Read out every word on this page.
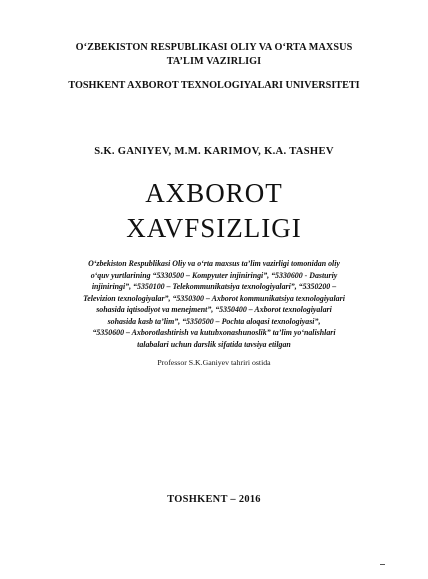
O‘ZBEKISTON RESPUBLIKASI OLIY VA O‘RTA MAXSUS
TA’LIM VAZIRLIGI
TOSHKENT AXBOROT TEXNOLOGIYALARI UNIVERSITETI
S.K. GANIYEV, M.M. KARIMOV, K.A. TASHEV
AXBOROT
XAVFSIZLIGI
O‘zbekiston Respublikasi Oliy va o‘rta maxsus ta’lim vazirligi tomonidan oliy
o‘quv yurtlarining “5330500 – Kompyuter injiniringi”, “5330600 - Dasturiy
injiniringi”, “5350100 – Telekommunikatsiya texnologiyalari”, “5350200 –
Televizion texnologiyalar”, “5350300 – Axborot kommunikatsiya texnologiyalari
sohasida iqtisodiyot va menejment”, “5350400 – Axborot texnologiyalari
sohasida kasb ta’lim”, “5350500 – Pochta aloqasi texnologiyasi”,
“5350600 – Axborotlashtirish va kutubxonashunoslik” ta’lim yo‘nalishlari
talabalari uchun darslik sifatida tavsiya etilgan
Professor S.K.Ganiyev tahriri ostida
TOSHKENT – 2016
